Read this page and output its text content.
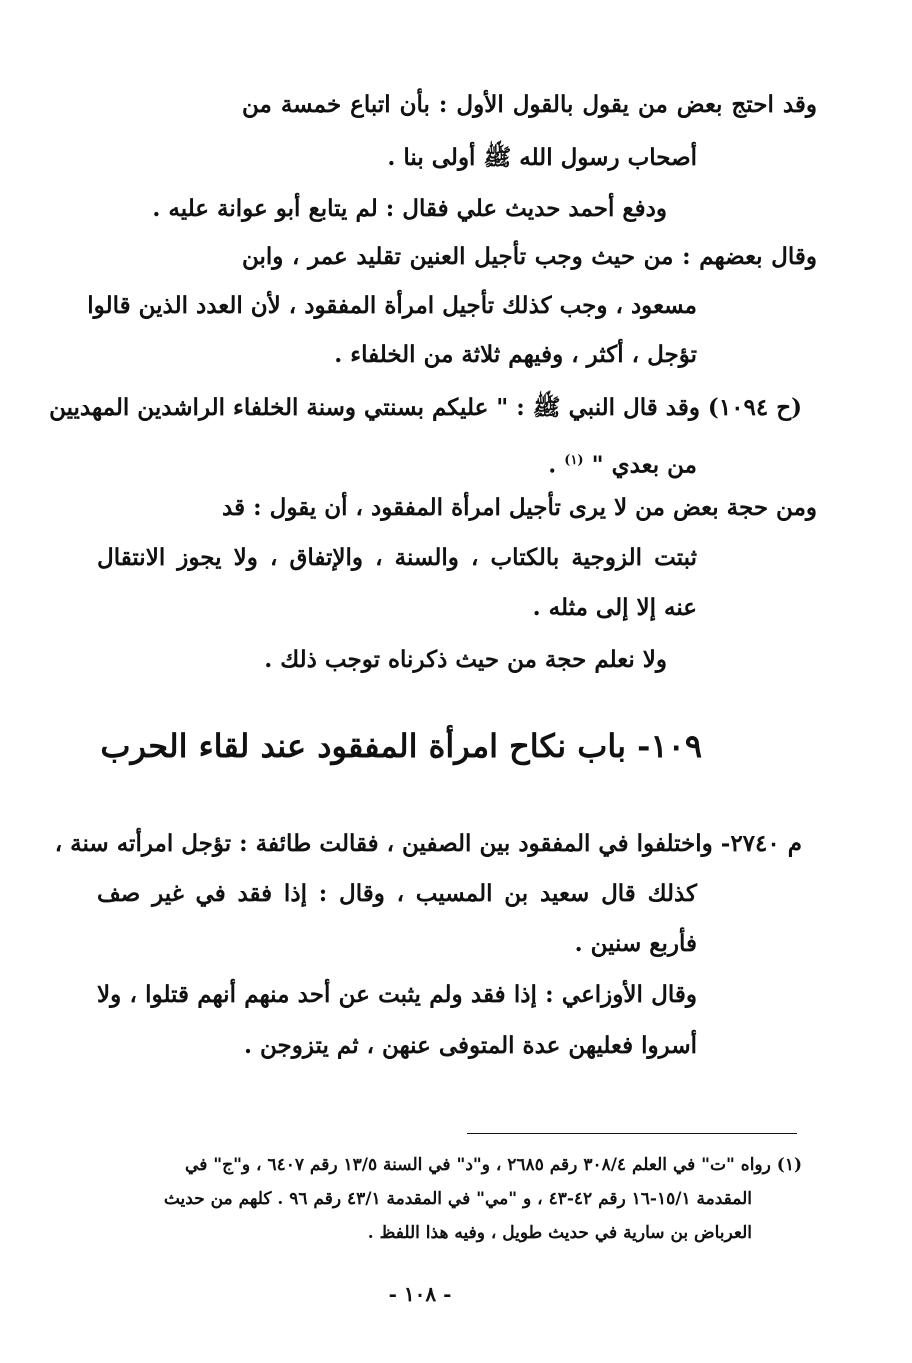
وقد احتج بعض من يقول بالقول الأول : بأن اتباع خمسة من
أصحاب رسول الله ﷺ أولى بنا .
ودفع أحمد حديث علي فقال : لم يتابع أبو عوانة عليه .
وقال بعضهم : من حيث وجب تأجيل العنين تقليد عمر ، وابن
مسعود ، وجب كذلك تأجيل امرأة المفقود ، لأن العدد الذين قالوا
تؤجل ، أكثر ، وفيهم ثلاثة من الخلفاء .
(ح ١٠٩٤) وقد قال النبي ﷺ : " عليكم بسنتي وسنة الخلفاء الراشدين المهديين
من بعدي " $^{(١)}$ .
ومن حجة بعض من لا يرى تأجيل امرأة المفقود ، أن يقول : قد
ثبتت الزوجية بالكتاب ، والسنة ، والإتفاق ، ولا يجوز الانتقال
عنه إلا إلى مثله .
ولا نعلم حجة من حيث ذكرناه توجب ذلك .
١٠٩- باب نكاح امرأة المفقود عند لقاء الحرب
م ٢٧٤٠- واختلفوا في المفقود بين الصفين ، فقالت طائفة : تؤجل امرأته سنة ،
كذلك قال سعيد بن المسيب ، وقال : إذا فقد في غير صف
فأربع سنين .
وقال الأوزاعي : إذا فقد ولم يثبت عن أحد منهم أنهم قتلوا ، ولا
أسروا فعليهن عدة المتوفى عنهن ، ثم يتزوجن .
(١) رواه "ت" في العلم ٣٠٨/٤ رقم ٢٦٨٥ ، و"د" في السنة ١٣/٥ رقم ٦٤٠٧ ، و"ج" في
المقدمة ١٥/١-١٦ رقم ٤٢-٤٣ ، و "مي" في المقدمة ٤٣/١ رقم ٩٦ . كلهم من حديث
العرباض بن سارية في حديث طويل ، وفيه هذا اللفظ .
- ١٠٨ -
